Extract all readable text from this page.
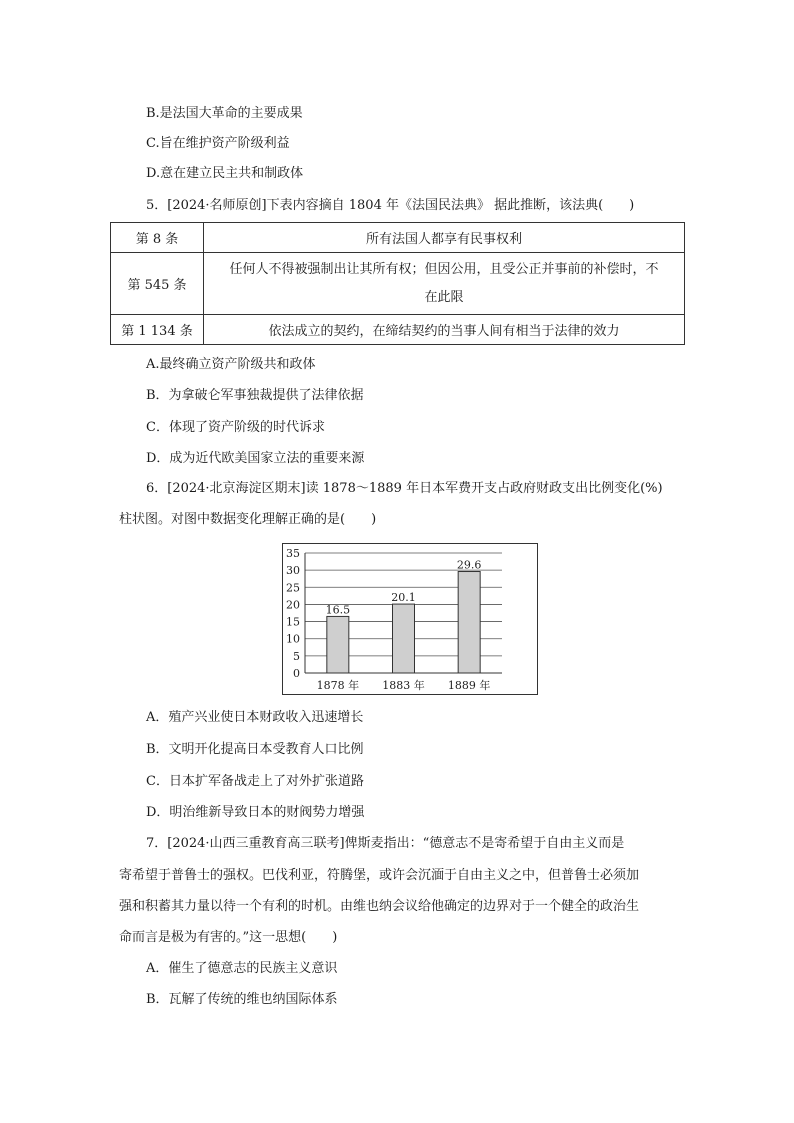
B.是法国大革命的主要成果
C.旨在维护资产阶级利益
D.意在建立民主共和制政体
5．[2024·名师原创]下表内容摘自 1804 年《法国民法典》 据此推断，该法典(　　)
第 8 条	所有法国人都享有民事权利
第 545 条	任何人不得被强制出让其所有权；但因公用，且受公正并事前的补偿时，不
在此限

第 1 134 条	依法成立的契约，在缔结契约的当事人间有相当于法律的效力
A.最终确立资产阶级共和政体
B．为拿破仑军事独裁提供了法律依据
C．体现了资产阶级的时代诉求
D．成为近代欧美国家立法的重要来源
6．[2024·北京海淀区期末]读 1878～1889 年日本军费开支占政府财政支出比例变化(%)
柱状图。对图中数据变化理解正确的是(　　)
0
5
10
15
20
25
30
35
16.5
1878 年
20.1
1883 年
29.6
1889 年
A．殖产兴业使日本财政收入迅速增长
B．文明开化提高日本受教育人口比例
C．日本扩军备战走上了对外扩张道路
D．明治维新导致日本的财阀势力增强
7．[2024·山西三重教育高三联考]俾斯麦指出：“德意志不是寄希望于自由主义而是
寄希望于普鲁士的强权。巴伐利亚，符腾堡，或许会沉湎于自由主义之中，但普鲁士必须加
强和积蓄其力量以待一个有利的时机。由维也纳会议给他确定的边界对于一个健全的政治生
命而言是极为有害的。”这一思想(　　)
A．催生了德意志的民族主义意识
B．瓦解了传统的维也纳国际体系
